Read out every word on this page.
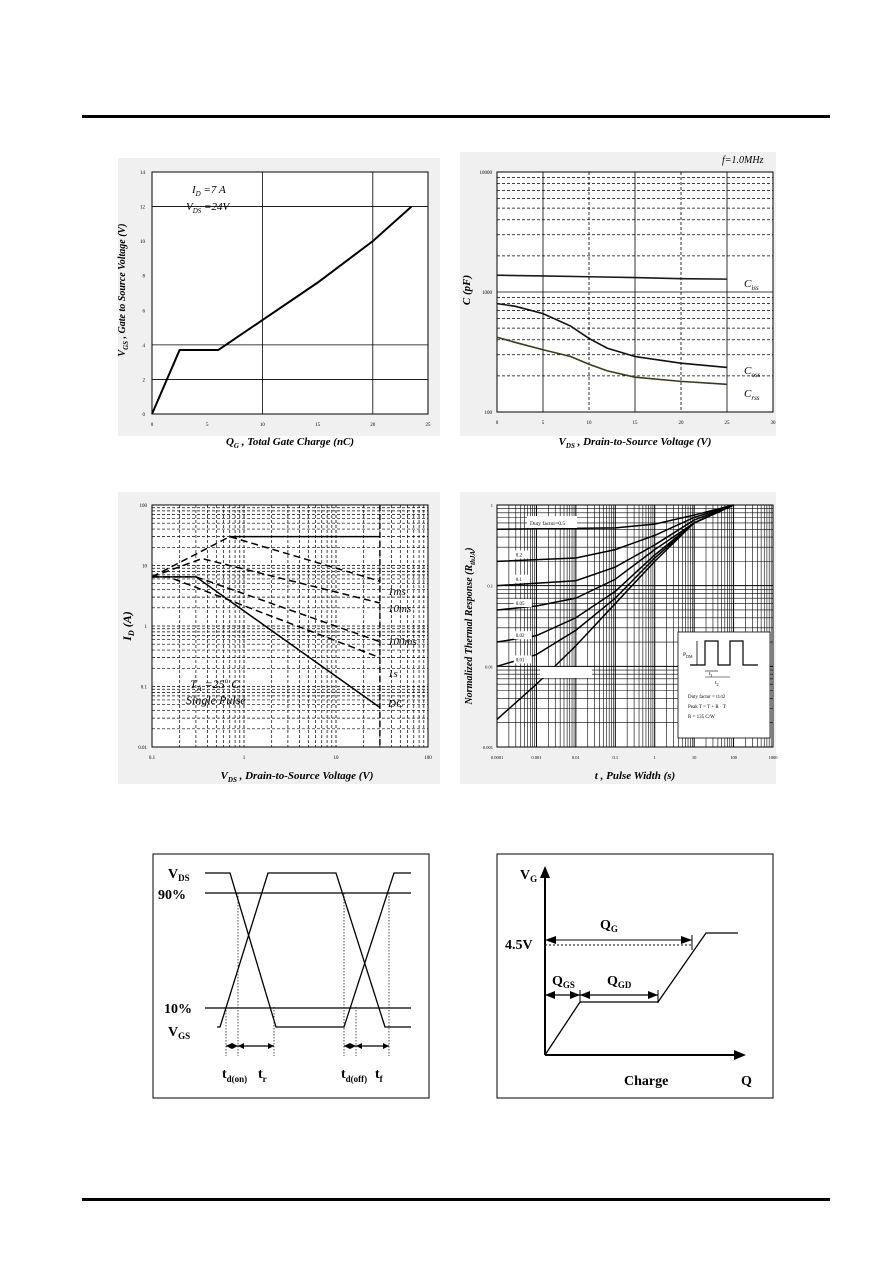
0	5	10	15	20	25
0
2
4
6
8
10
12
14
$I_D =7$ A
$V_{DS} =24V$
$Q_G$ , Total Gate Charge (nC)
$V_{GS}$ , Gate to Source Voltage (V)
0	5	10	15	20	25	30
100
1000
10000
f=1.0MHz
$C_{iss}$
$C_{oss}$
$C_{rss}$
$V_{DS}$ , Drain-to-Source Voltage (V)
C (pF)
0.1	1	10	100
0.01
0.1
1
10
100
1ms
10ms
100ms
1s
DC
$T_A =25^o$ C
Single Pulse
$V_{DS}$ , Drain-to-Source Voltage (V)
$I_D$ (A)
0.0001	0.001	0.01	0.1	1	10	100	1000
0.001
0.01
0.1
1
0.2
0.1
0.05
0.02
0.01
Duty factor=0.5
$P_{DM}$
$t_1$
$t_2$
Duty factor = t1/t2
Peak T = T + R · T
R = 135 C/W
t , Pulse Width (s)
Normalized Thermal Response $(R_{thJA})$
$V_{DS}$
90%
10%
$V_{GS}$
$t_{d(on)}$ $t_r$	$t_{d(off)}$ $t_f$
$V_G$
4.5V
$Q_G$
$Q_{GS}$ $Q_{GD}$
Charge	Q
